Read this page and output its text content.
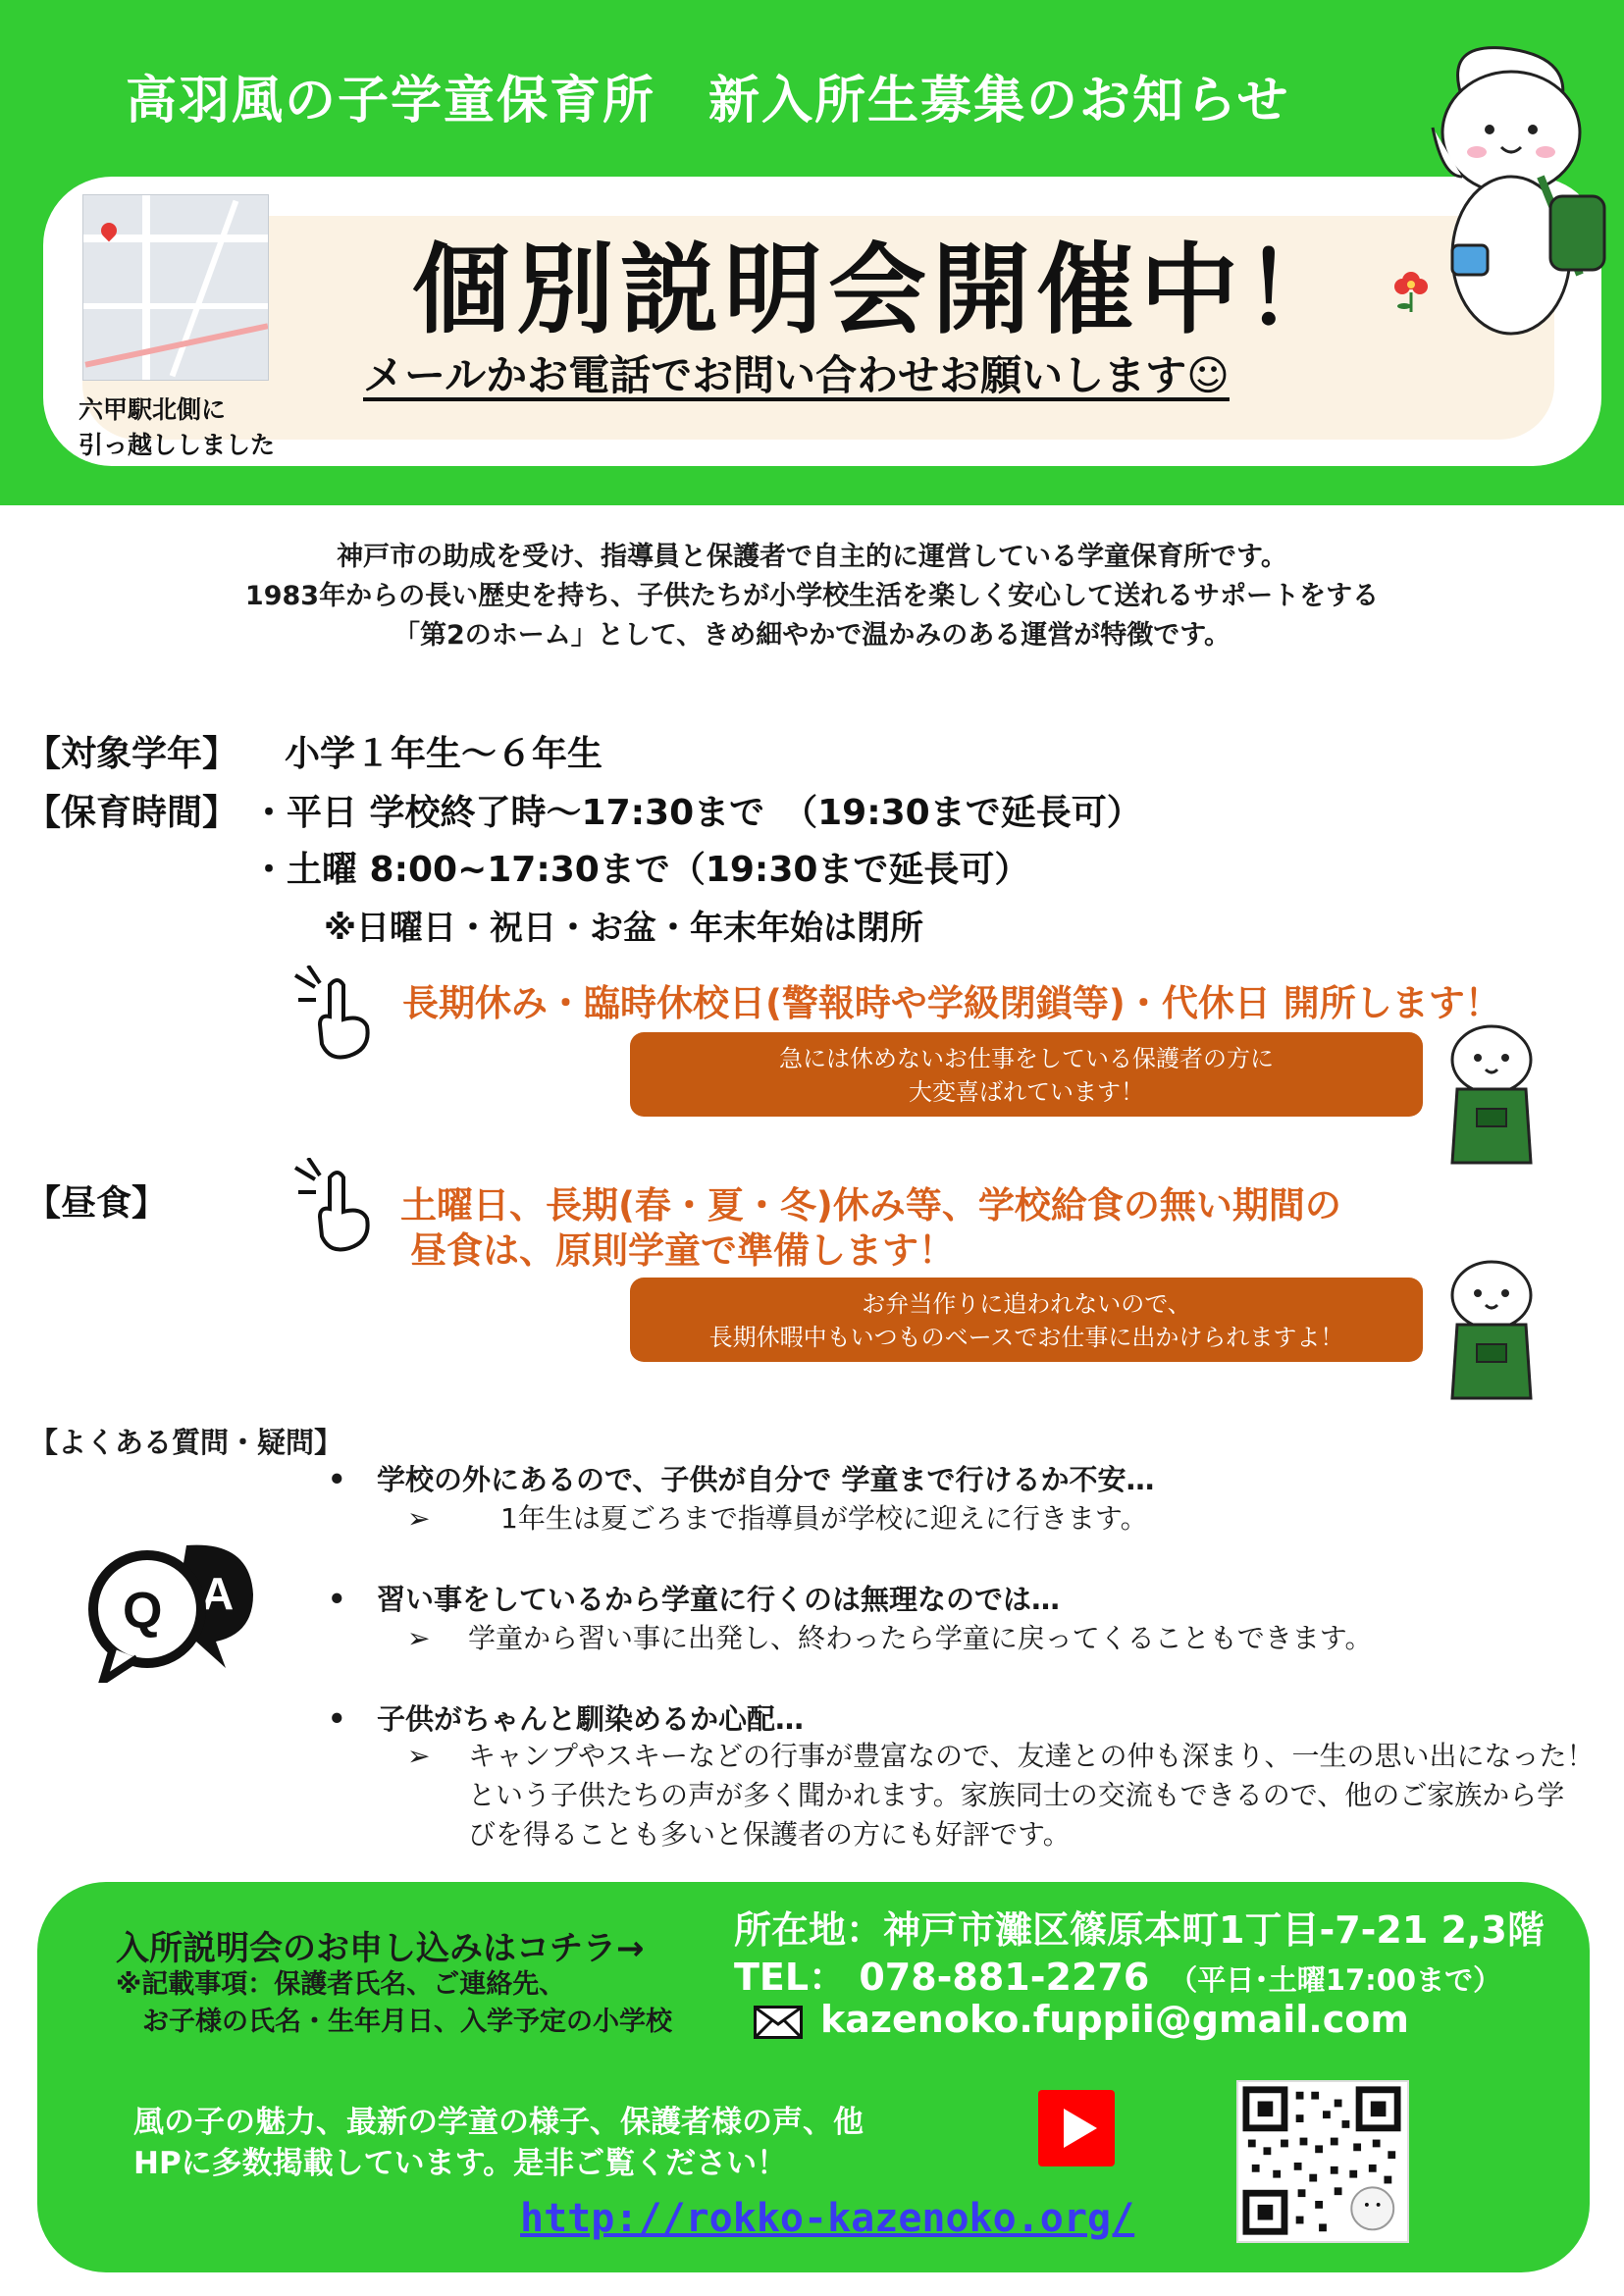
高羽風の子学童保育所　新入所生募集のお知らせ
六甲駅北側に
引っ越ししました
個別説明会開催中！
メールかお電話でお問い合わせお願いします☺
神戸市の助成を受け、指導員と保護者で自主的に運営している学童保育所です。
1983年からの長い歴史を持ち、子供たちが小学校生活を楽しく安心して送れるサポートをする
「第2のホーム」として、きめ細やかで温かみのある運営が特徴です。
【対象学年】 小学１年生～６年生
【保育時間】 ・平日 学校終了時～17:30まで　（19:30まで延長可）
・土曜 8:00~17:30まで（19:30まで延長可）
※日曜日・祝日・お盆・年末年始は閉所
長期休み・臨時休校日(警報時や学級閉鎖等)・代休日 開所します！
急には休めないお仕事をしている保護者の方に
大変喜ばれています！
【昼食】	土曜日、長期(春・夏・冬)休み等、学校給食の無い期間の
昼食は、原則学童で準備します！
お弁当作りに追われないので、
長期休暇中もいつものベースでお仕事に出かけられますよ！
【よくある質問・疑問】
A
Q
• 学校の外にあるので、子供が自分で 学童まで行けるか不安…
➢	1年生は夏ごろまで指導員が学校に迎えに行きます。
• 習い事をしているから学童に行くのは無理なのでは…
➢ 学童から習い事に出発し、終わったら学童に戻ってくることもできます。
• 子供がちゃんと馴染めるか心配…
➢ キャンプやスキーなどの行事が豊富なので、友達との仲も深まり、一生の思い出になった！
という子供たちの声が多く聞かれます。家族同士の交流もできるので、他のご家族から学
びを得ることも多いと保護者の方にも好評です。
入所説明会のお申し込みはコチラ→
※記載事項：保護者氏名、ご連絡先、
　お子様の氏名・生年月日、入学予定の小学校
所在地：神戸市灘区篠原本町1丁目-7-21 2,3階
TEL： 078-881-2276 （平日･土曜17:00まで）
kazenoko.fuppii@gmail.com
風の子の魅力、最新の学童の様子、保護者様の声、他
HPに多数掲載しています。是非ご覧ください！
http://rokko-kazenoko.org/
